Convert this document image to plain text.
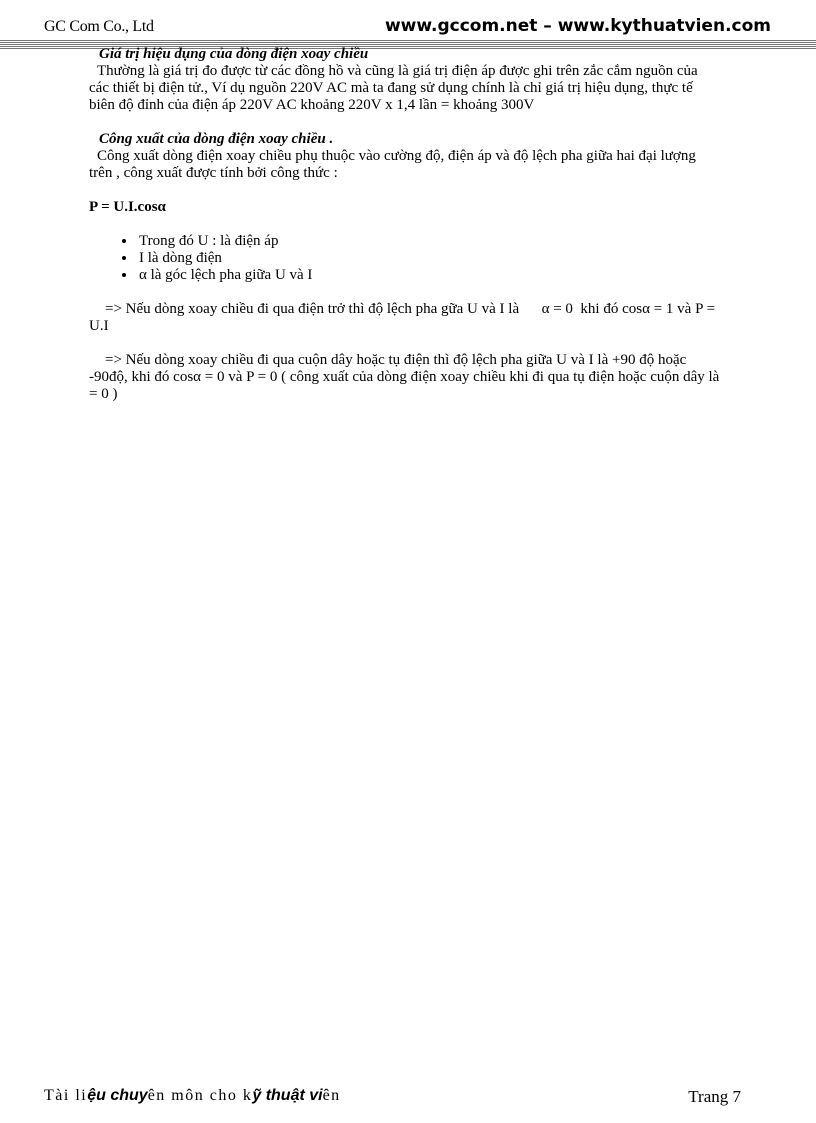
GC Com Co., Ltd	www.gccom.net – www.kythuatvien.com
Giá trị hiệu dụng của dòng điện xoay chiều
Thường là giá trị đo được từ các đồng hồ và cũng là giá trị điện áp được ghi trên zắc cắm nguồn của các thiết bị điện tử., Ví dụ nguồn 220V AC mà ta đang sử dụng chính là chỉ giá trị hiệu dụng, thực tế biên độ đỉnh của điện áp 220V AC khoảng 220V x 1,4 lần = khoảng 300V
Công xuất của dòng điện xoay chiều .
Công xuất dòng điện xoay chiều phụ thuộc vào cường độ, điện áp và độ lệch pha giữa hai đại lượng trên , công xuất được tính bởi công thức :
P = U.I.cosα
• Trong đó U : là điện áp
• I là dòng điện
• α là góc lệch pha giữa U và I
=> Nếu dòng xoay chiều đi qua điện trở thì độ lệch pha gữa U và I là      α = 0  khi đó cosα = 1 và P = U.I
=> Nếu dòng xoay chiều đi qua cuộn dây hoặc tụ điện thì độ lệch pha giữa U và I là +90 độ hoặc -90độ, khi đó cosα = 0 và P = 0 ( công xuất của dòng điện xoay chiều khi đi qua tụ điện hoặc cuộn dây là = 0 )
Tài liệu chuyên môn cho kỹ thuật viên	Trang 7
